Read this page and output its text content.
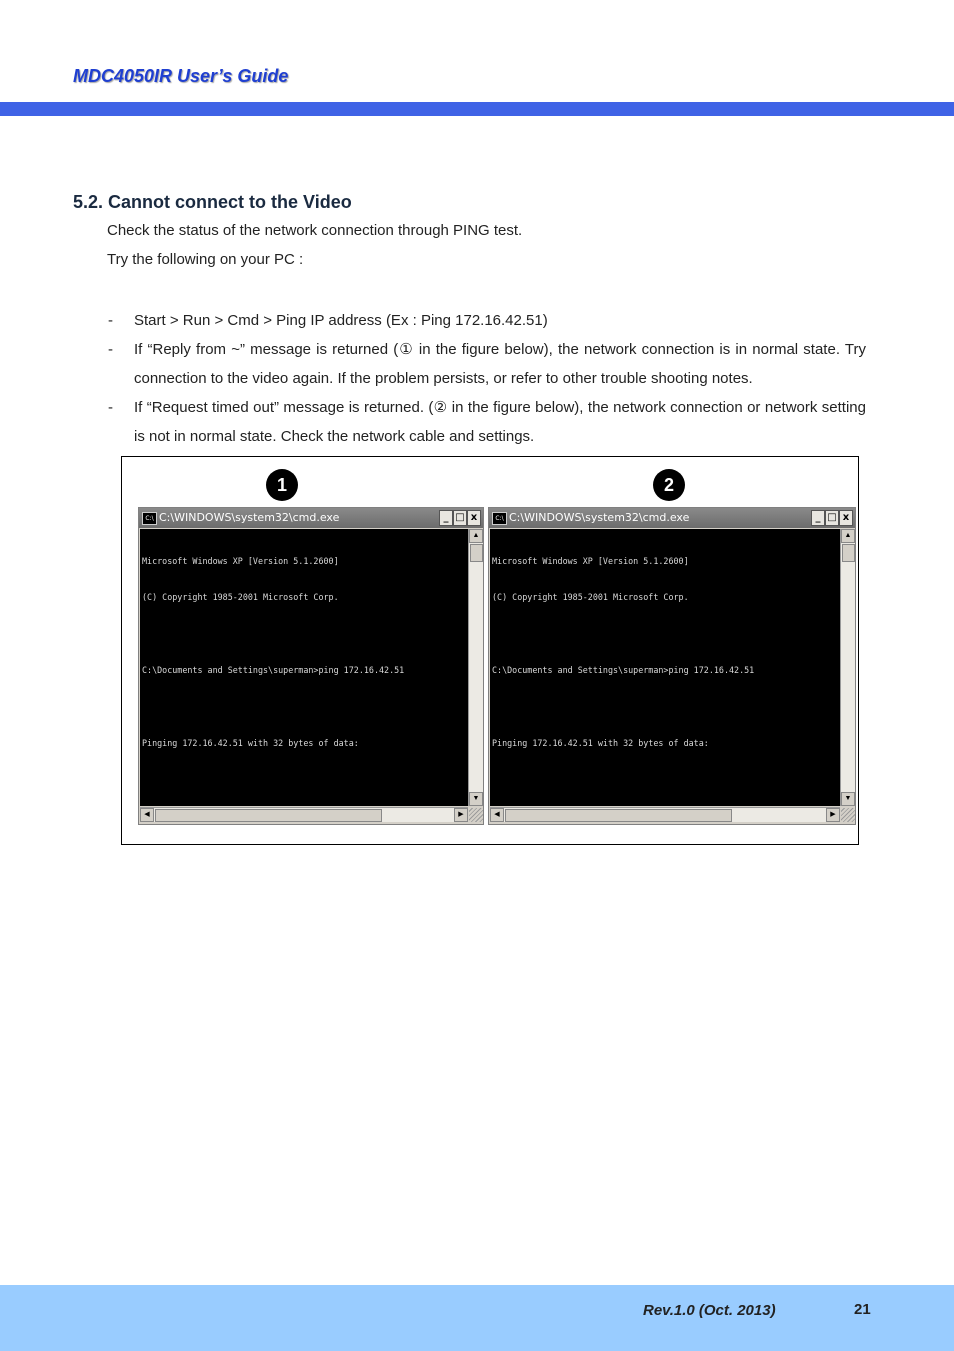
MDC4050IR User’s Guide
5.2. Cannot connect to the Video
Check the status of the network connection through PING test.
Try the following on your PC :
-	Start > Run > Cmd > Ping IP address (Ex : Ping 172.16.42.51)
-	If “Reply from ~” message is returned (① in the figure below), the network connection is in normal state. Try connection to the video again. If the problem persists, or refer to other trouble shooting notes.
-	If “Request timed out” message is returned. (② in the figure below), the network connection or network setting is not in normal state. Check the network cable and settings.
1	2
C:\ C:\WINDOWS\system32\cmd.exe	_ □ x

Microsoft Windows XP [Version 5.1.2600]

(C) Copyright 1985-2001 Microsoft Corp.

C:\Documents and Settings\superman>ping 172.16.42.51

Pinging 172.16.42.51 with 32 bytes of data:

▲
▼
◀	▶
C:\ C:\WINDOWS\system32\cmd.exe	_ □ x

Microsoft Windows XP [Version 5.1.2600]

(C) Copyright 1985-2001 Microsoft Corp.

C:\Documents and Settings\superman>ping 172.16.42.51

Pinging 172.16.42.51 with 32 bytes of data:

▲
▼
◀	▶
Rev.1.0 (Oct. 2013)	21
